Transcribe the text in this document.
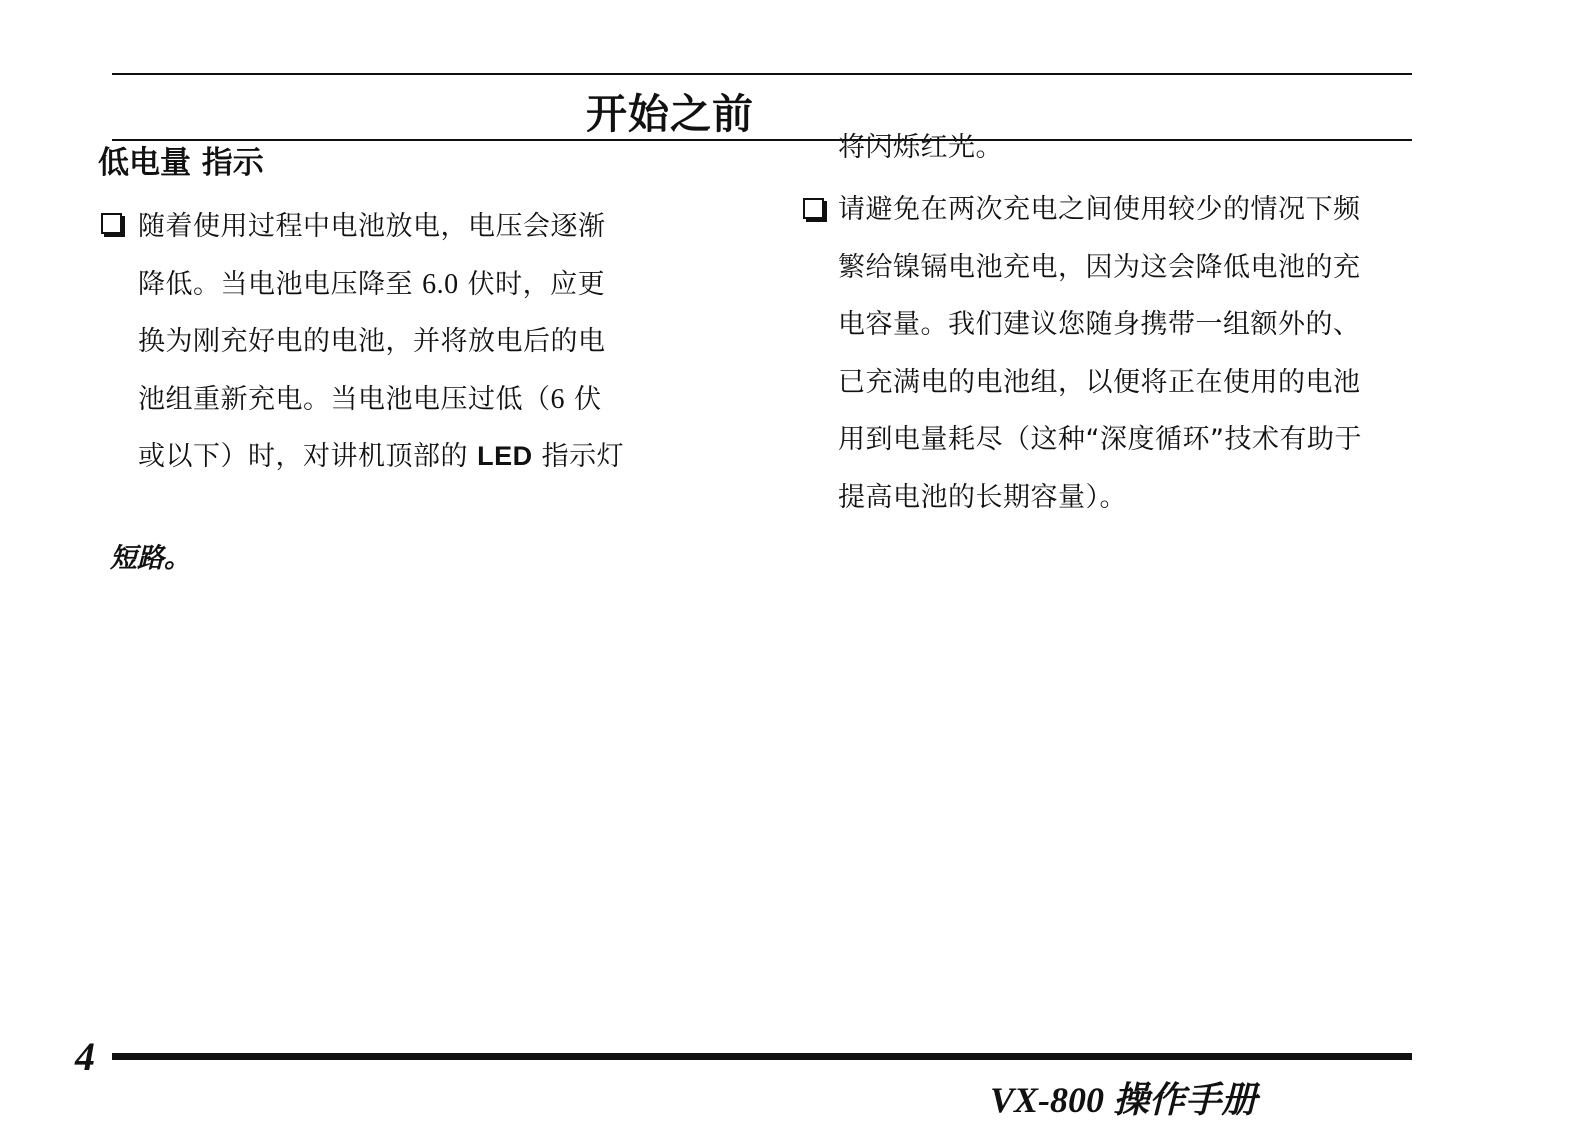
开始之前
低电量 指示
随着使用过程中电池放电，电压会逐渐
降低。当电池电压降至 6.0 伏时，应更
换为刚充好电的电池，并将放电后的电
池组重新充电。当电池电压过低（6 伏
或以下）时，对讲机顶部的 LED 指示灯
短路。
将闪烁红光。
请避免在两次充电之间使用较少的情况下频
繁给镍镉电池充电，因为这会降低电池的充
电容量。我们建议您随身携带一组额外的、
已充满电的电池组，以便将正在使用的电池
用到电量耗尽（这种“深度循环”技术有助于
提高电池的长期容量）。
4
VX-800 操作手册
